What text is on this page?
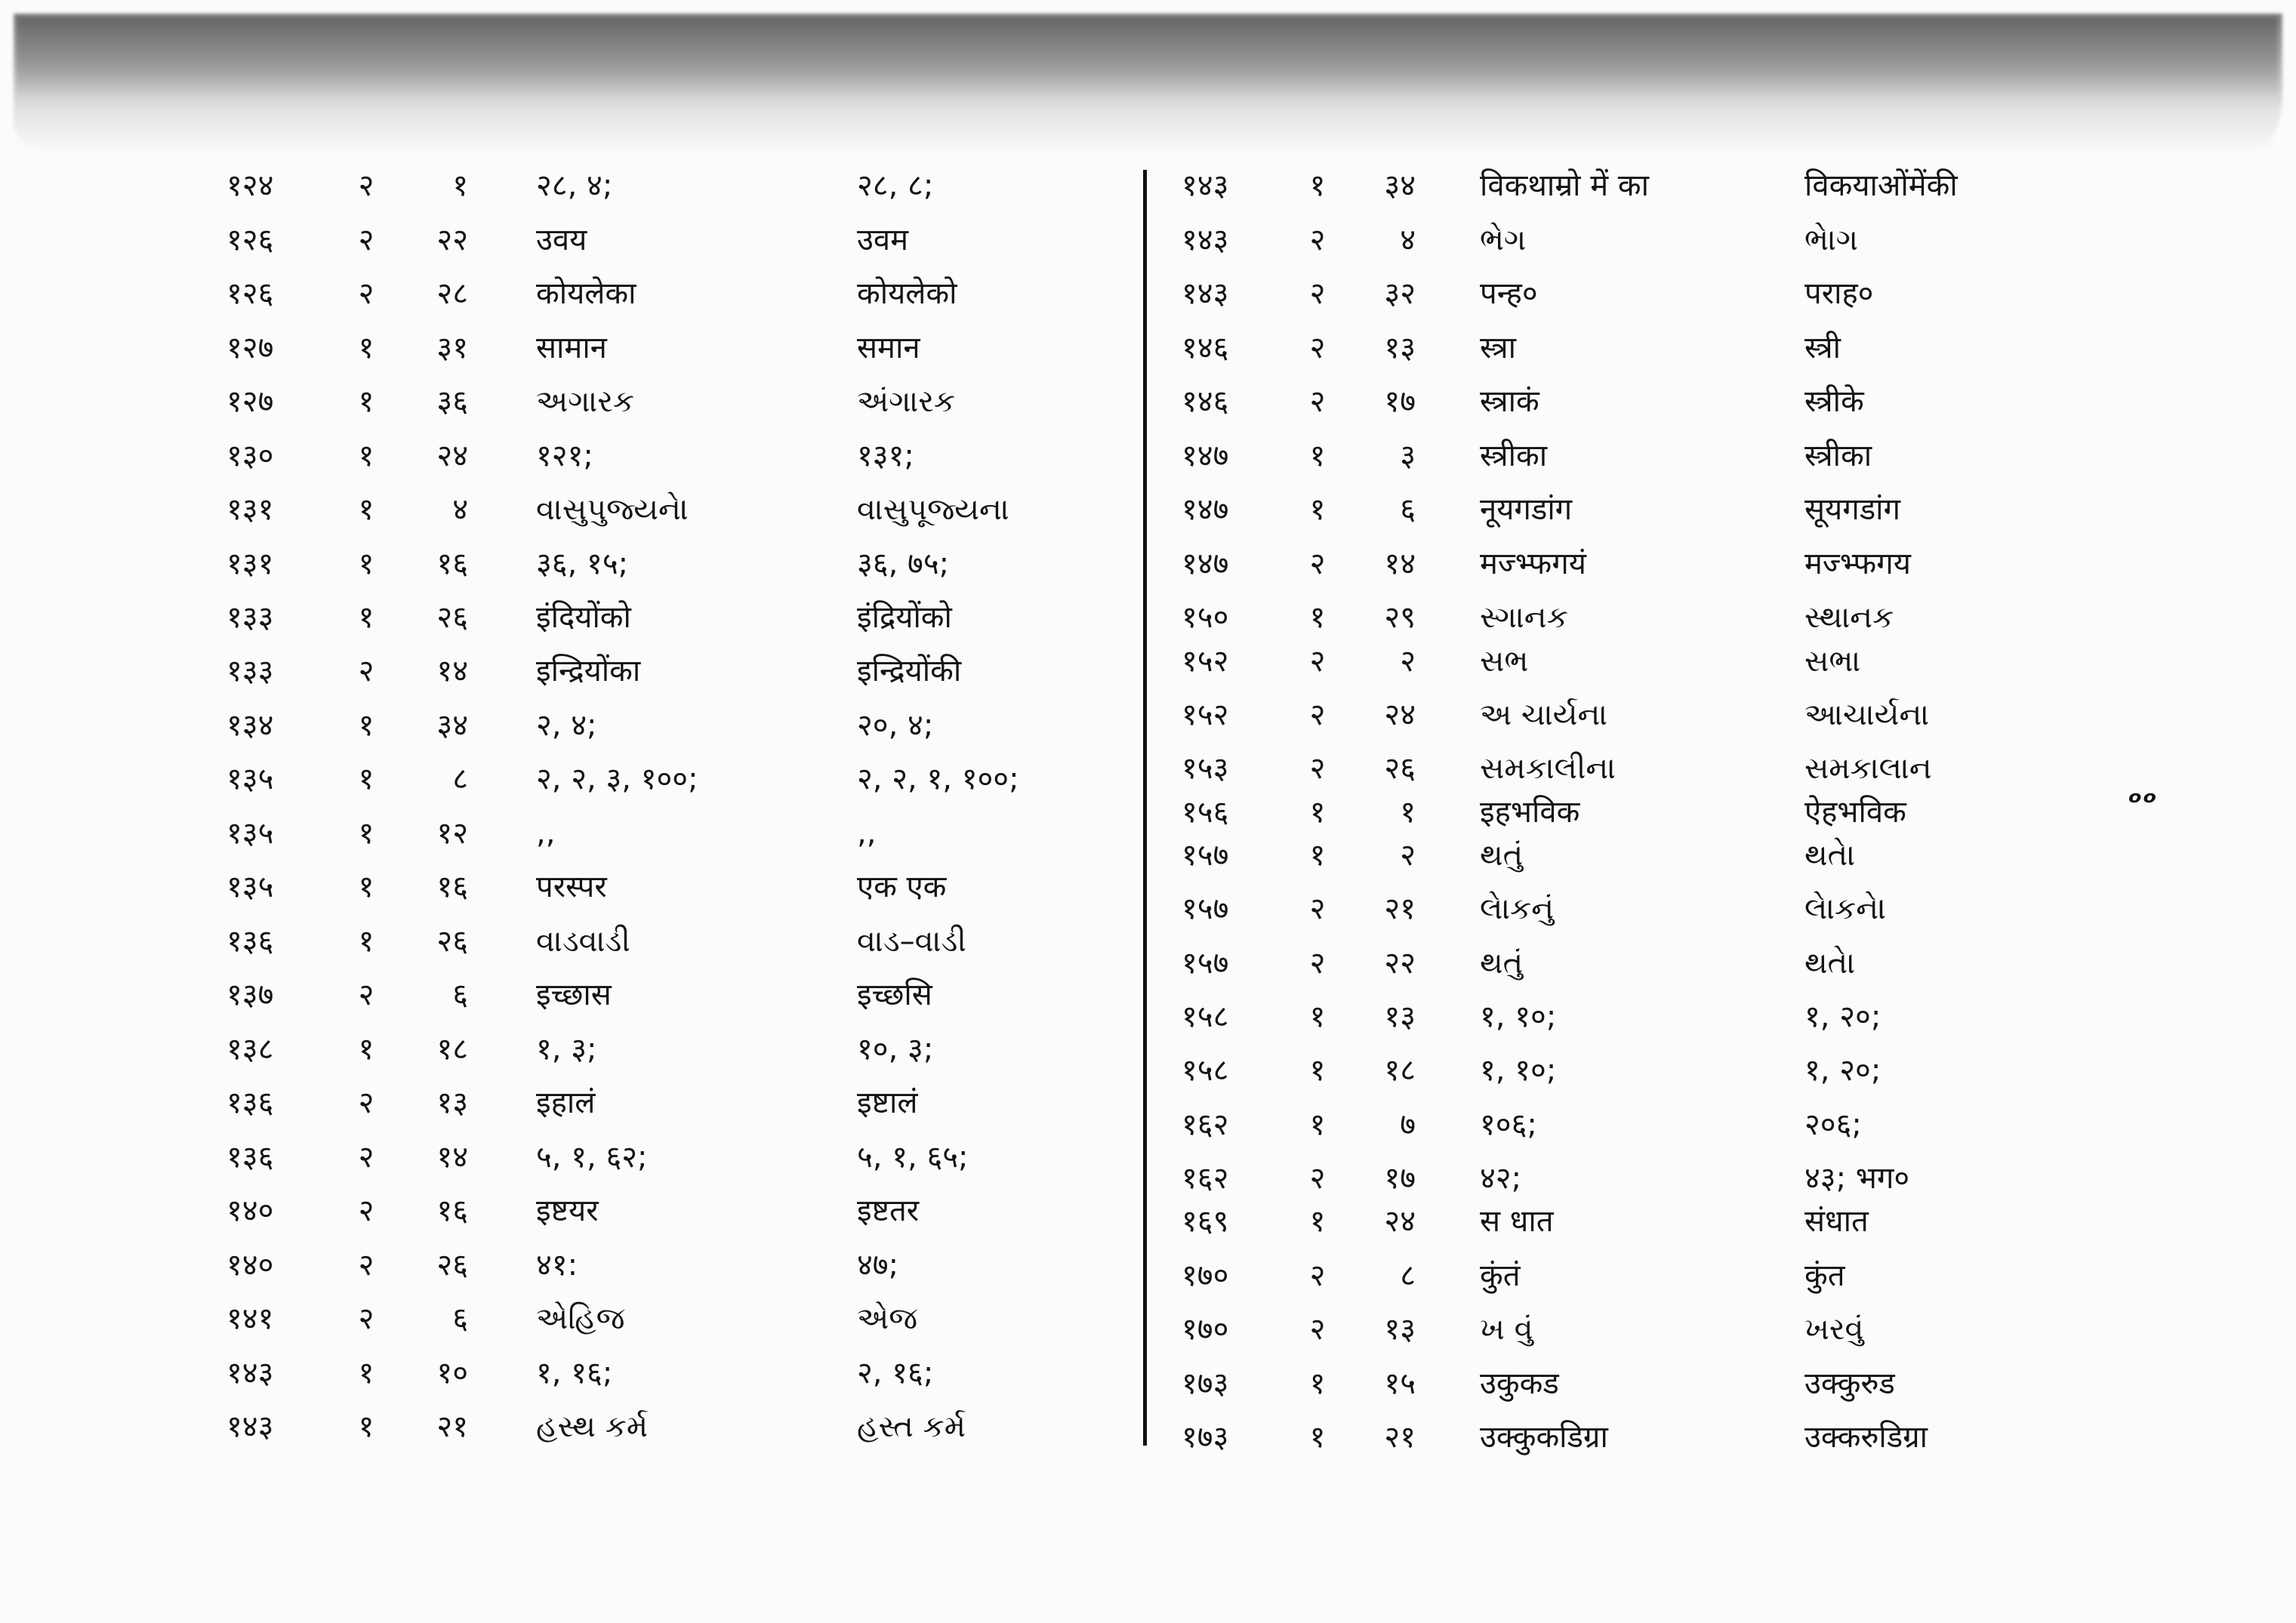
१२४	२	१ २८, ४;	२८, ८;
१२६	२	२२ उवय	उवम
१२६	२	२८ कोयलेका	कोयलेको
१२७	१	३१ सामान	समान
१२७	१	३६ અગારક	અંગારક
१३०	१	२४ १२१;	१३१;
१३१	१	४ વાસુપુજ્યને।	વાસુપૂજ્યના
१३१	१	१६ ३६, १५;	३६, ७५;
१३३	१	२६ इंदियोंको	इंद्रियोंको
१३३	२	१४ इन्द्रियोंका	इन्द्रियोंकी
१३४	१	३४ २, ४;	२०, ४;
१३५	१	८ २, २, ३, १००;	२, २, १, १००;
१३५	१	१२ ,,	,,
१३५	१	१६ परस्पर	एक एक
१३६	१	२६ વાડવાડી	વાડ–વાડી
१३७	२	६ इच्छास	इच्छसि
१३८	१	१८ १, ३;	१०, ३;
१३६	२	१३ इहालं	इष्टालं
१३६	२	१४ ५, १, ६२;	५, १, ६५;
१४०	२	१६ इष्टयर	इष्टतर
१४०	२	२६ ४१:	४७;
१४१	२	६ એહિજ	એજ
१४३	१	१० १, १६;	२, १६;
१४३	१	२१ હસ્થ કર્મ	હસ્ત કર્મ
१४३	१	३४ विकथाम्रो में का	विकयाओंमेंकी
१४३	२	४ ભેગ	ભેાગ
१४३	२	३२ पन्ह०	पराह०
१४६	२	१३ स्त्रा	स्त्री
१४६	२	१७ स्त्राकं	स्त्रीके
१४७	१	३ स्त्रीका	स्त्रीका
१४७	१	६ नूयगडांग	सूयगडांग
१४७	२	१४ मज्भ्फगयं	मज्भ्फगय
१५०	१	२९ સ્ગાનક	સ્થાનક
१५२	२	२ સભ	સભા
१५२	२	२४ અ ચાર્યના	આચાર્યના
१५३	२	२६ સમકાલીના	સમકાલાન
१५६	१	१ इहभविक	ऐहभविक
१५७	१	२ થતું	થતેા
१५७	२	२१ લેાકનું	લેાકને।
१५७	२	२२ થતું	થતેા
१५८	१	१३ १, १०;	१, २०;
१५८	१	१८ १, १०;	१, २०;
१६२	१	७ १०६;	२०६;
१६२	२	१७ ४२;	४३; भग०
१६९	१	२४ स धात	संधात
१७०	२	८ कुंतं	कुंत
१७०	२	१३ ખ વું	ખરવું
१७३	१	१५ उकुकड	उक्कुरुड
१७३	१	२१ उक्कुकडिग्रा	उक्करुडिग्रा
ᵒᵒ
